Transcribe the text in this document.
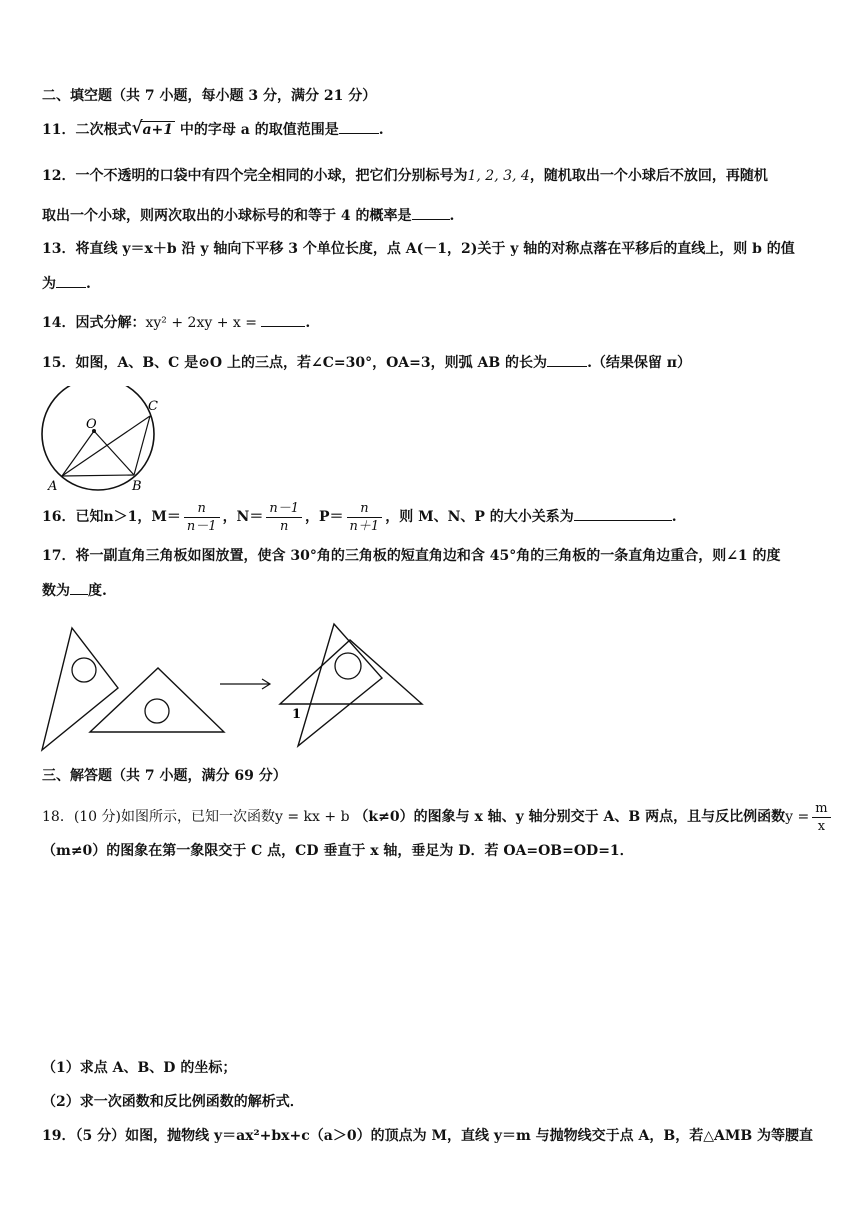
二、填空题（共 7 小题，每小题 3 分，满分 21 分）
11．二次根式 √ a+1 中的字母 a 的取值范围是	.
12．一个不透明的口袋中有四个完全相同的小球，把它们分别标号为1, 2, 3, 4，随机取出一个小球后不放回，再随机
取出一个小球，则两次取出的小球标号的和等于 4 的概率是	.
13．将直线 y＝x＋b 沿 y 轴向下平移 3 个单位长度，点 A(－1，2)关于 y 轴的对称点落在平移后的直线上，则 b 的值
为 .
14．因式分解：xy² + 2xy + x =	.
15．如图，A、B、C 是⊙O 上的三点，若∠C=30°，OA=3，则弧 AB 的长为	.（结果保留 π）
O
A	B
C
16．已知n＞1，$M= \frac{n}{n-1}$ ，$N= \frac{n-1}{n}$ ，$P= \frac{n}{n+1}$ ，则 M、N、P 的大小关系为	.
17．将一副直角三角板如图放置，使含 30°角的三角板的短直角边和含 45°角的三角板的一条直角边重合，则∠1 的度
数为 度.
1
三、解答题（共 7 小题，满分 69 分）
18．(10 分)如图所示，已知一次函数y = kx + b （k≠0）的图象与 x 轴、y 轴分别交于 A、B 两点，且与反比例函数$y = \frac{m}{x}$
（m≠0）的图象在第一象限交于 C 点，CD 垂直于 x 轴，垂足为 D．若 OA=OB=OD=1．
（1）求点 A、B、D 的坐标；
（2）求一次函数和反比例函数的解析式．
19．（5 分）如图，抛物线 y＝ax²+bx+c（a＞0）的顶点为 M，直线 y＝m 与抛物线交于点 A，B，若△AMB 为等腰直
